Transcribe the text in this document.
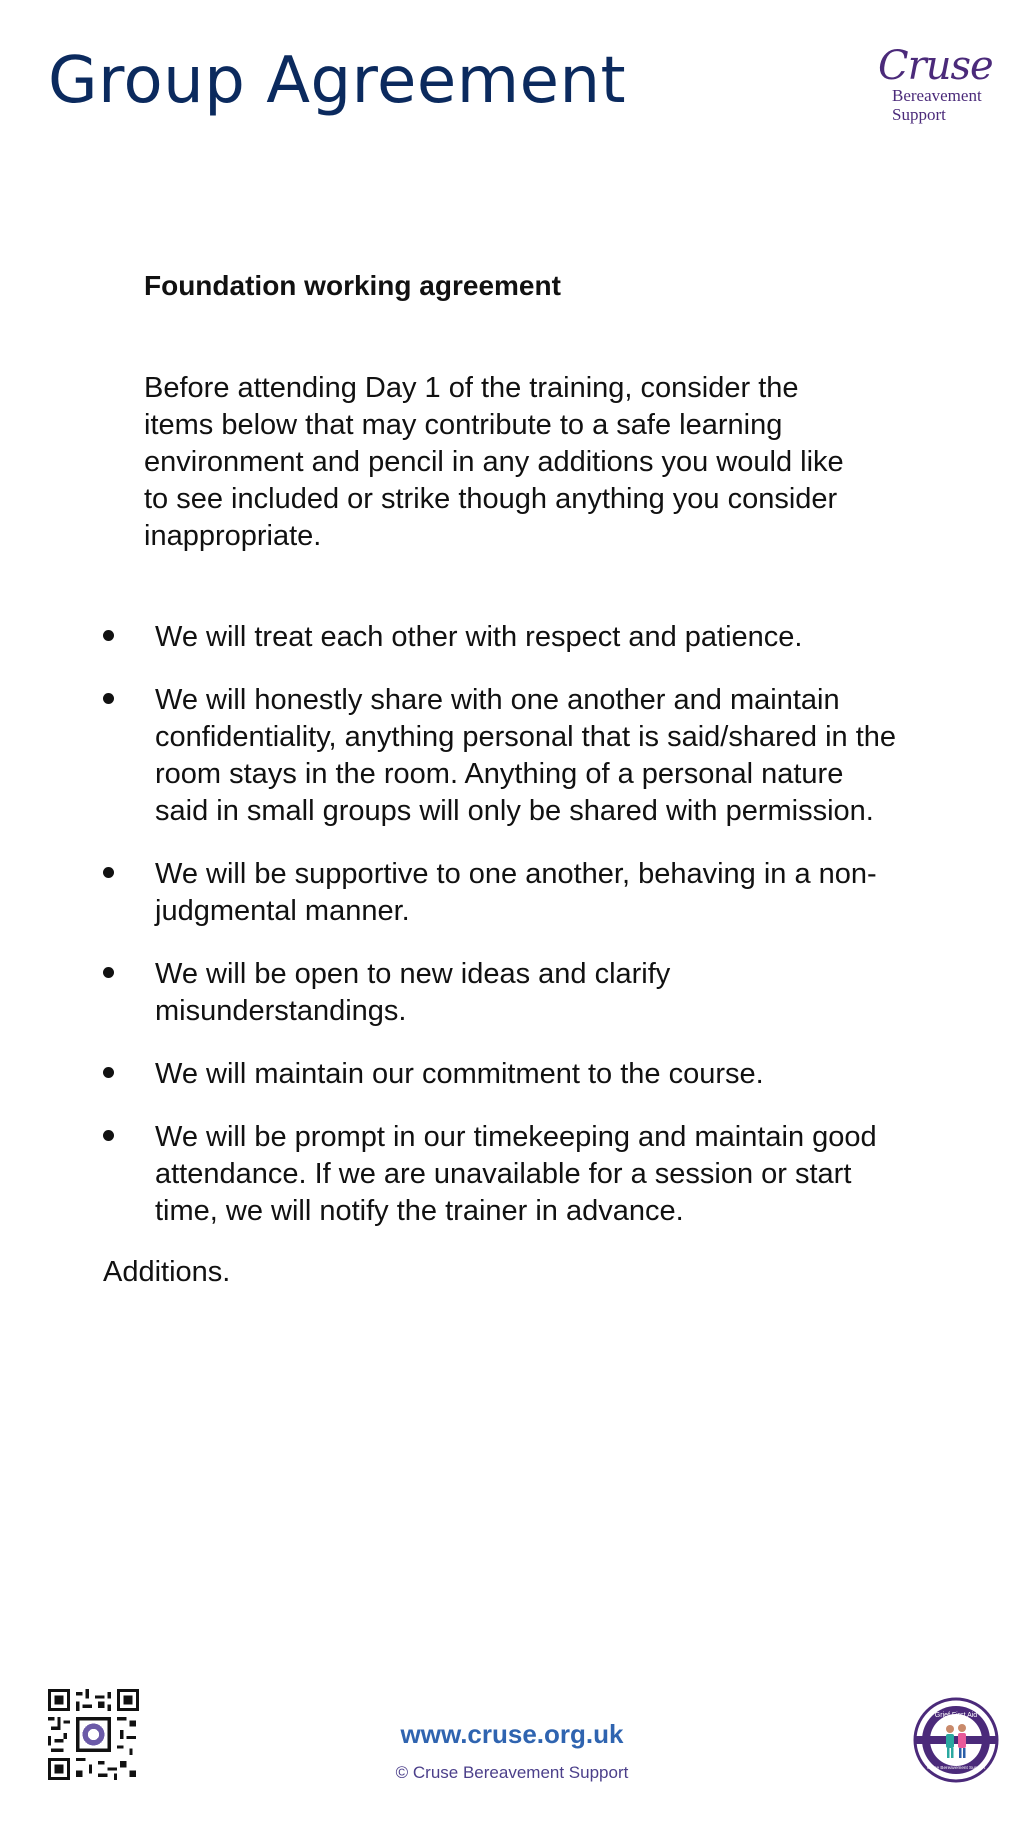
Group Agreement	Cruse
Bereavement
Support

Foundation working agreement

Before attending Day 1 of the training, consider the items below that may contribute to a safe learning environment and pencil in any additions you would like to see included or strike though anything you consider inappropriate.

We will treat each other with respect and patience.
We will honestly share with one another and maintain confidentiality, anything personal that is said/shared in the room stays in the room. Anything of a personal nature said in small groups will only be shared with permission.
We will be supportive to one another, behaving in a non-judgmental manner.
We will be open to new ideas and clarify misunderstandings.
We will maintain our commitment to the course.
We will be prompt in our timekeeping and maintain good attendance. If we are unavailable for a session or start time, we will notify the trainer in advance.
Additions.
www.cruse.org.uk
© Cruse Bereavement Support
Grief First Aid
Cruse Bereavement Support
